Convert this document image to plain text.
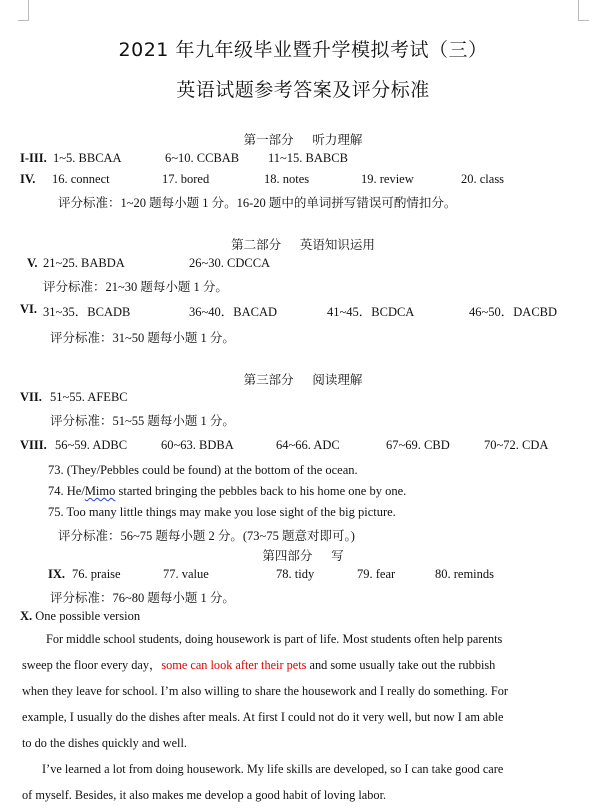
2021 年九年级毕业暨升学模拟考试（三）
英语试题参考答案及评分标准
第一部分      听力理解
I-III. 1~5. BBCAA	6~10. CCBAB 11~15. BABCB
IV. 16. connect	17. bored	18. notes	19. review	20. class
评分标准：1~20 题每小题 1 分。16-20 题中的单词拼写错误可酌情扣分。
第二部分      英语知识运用
V. 21~25. BABDA	26~30. CDCCA
评分标准：21~30 题每小题 1 分。
VI. 31~35．BCADB	36~40．BACAD	41~45．BCDCA	46~50．DACBD
评分标准：31~50 题每小题 1 分。
第三部分      阅读理解
VII. 51~55. AFEBC
评分标准：51~55 题每小题 1 分。
VIII. 56~59. ADBC	60~63. BDBA	64~66. ADC	67~69. CBD	70~72. CDA
73. (They/Pebbles could be found) at the bottom of the ocean.
74. He/Mimo started bringing the pebbles back to his home one by one.
75. Too many little things may make you lose sight of the big picture.
评分标准：56~75 题每小题 2 分。(73~75 题意对即可。)
第四部分      写
IX. 76. praise	77. value	78. tidy	79. fear	80. reminds
评分标准：76~80 题每小题 1 分。
X. One possible version
For middle school students, doing housework is part of life. Most students often help parents
sweep the floor every day，some can look after their pets and some usually take out the rubbish
when they leave for school. I’m also willing to share the housework and I really do something. For
example, I usually do the dishes after meals. At first I could not do it very well, but now I am able
to do the dishes quickly and well.
I’ve learned a lot from doing housework. My life skills are developed, so I can take good care
of myself. Besides, it also makes me develop a good habit of loving labor.
